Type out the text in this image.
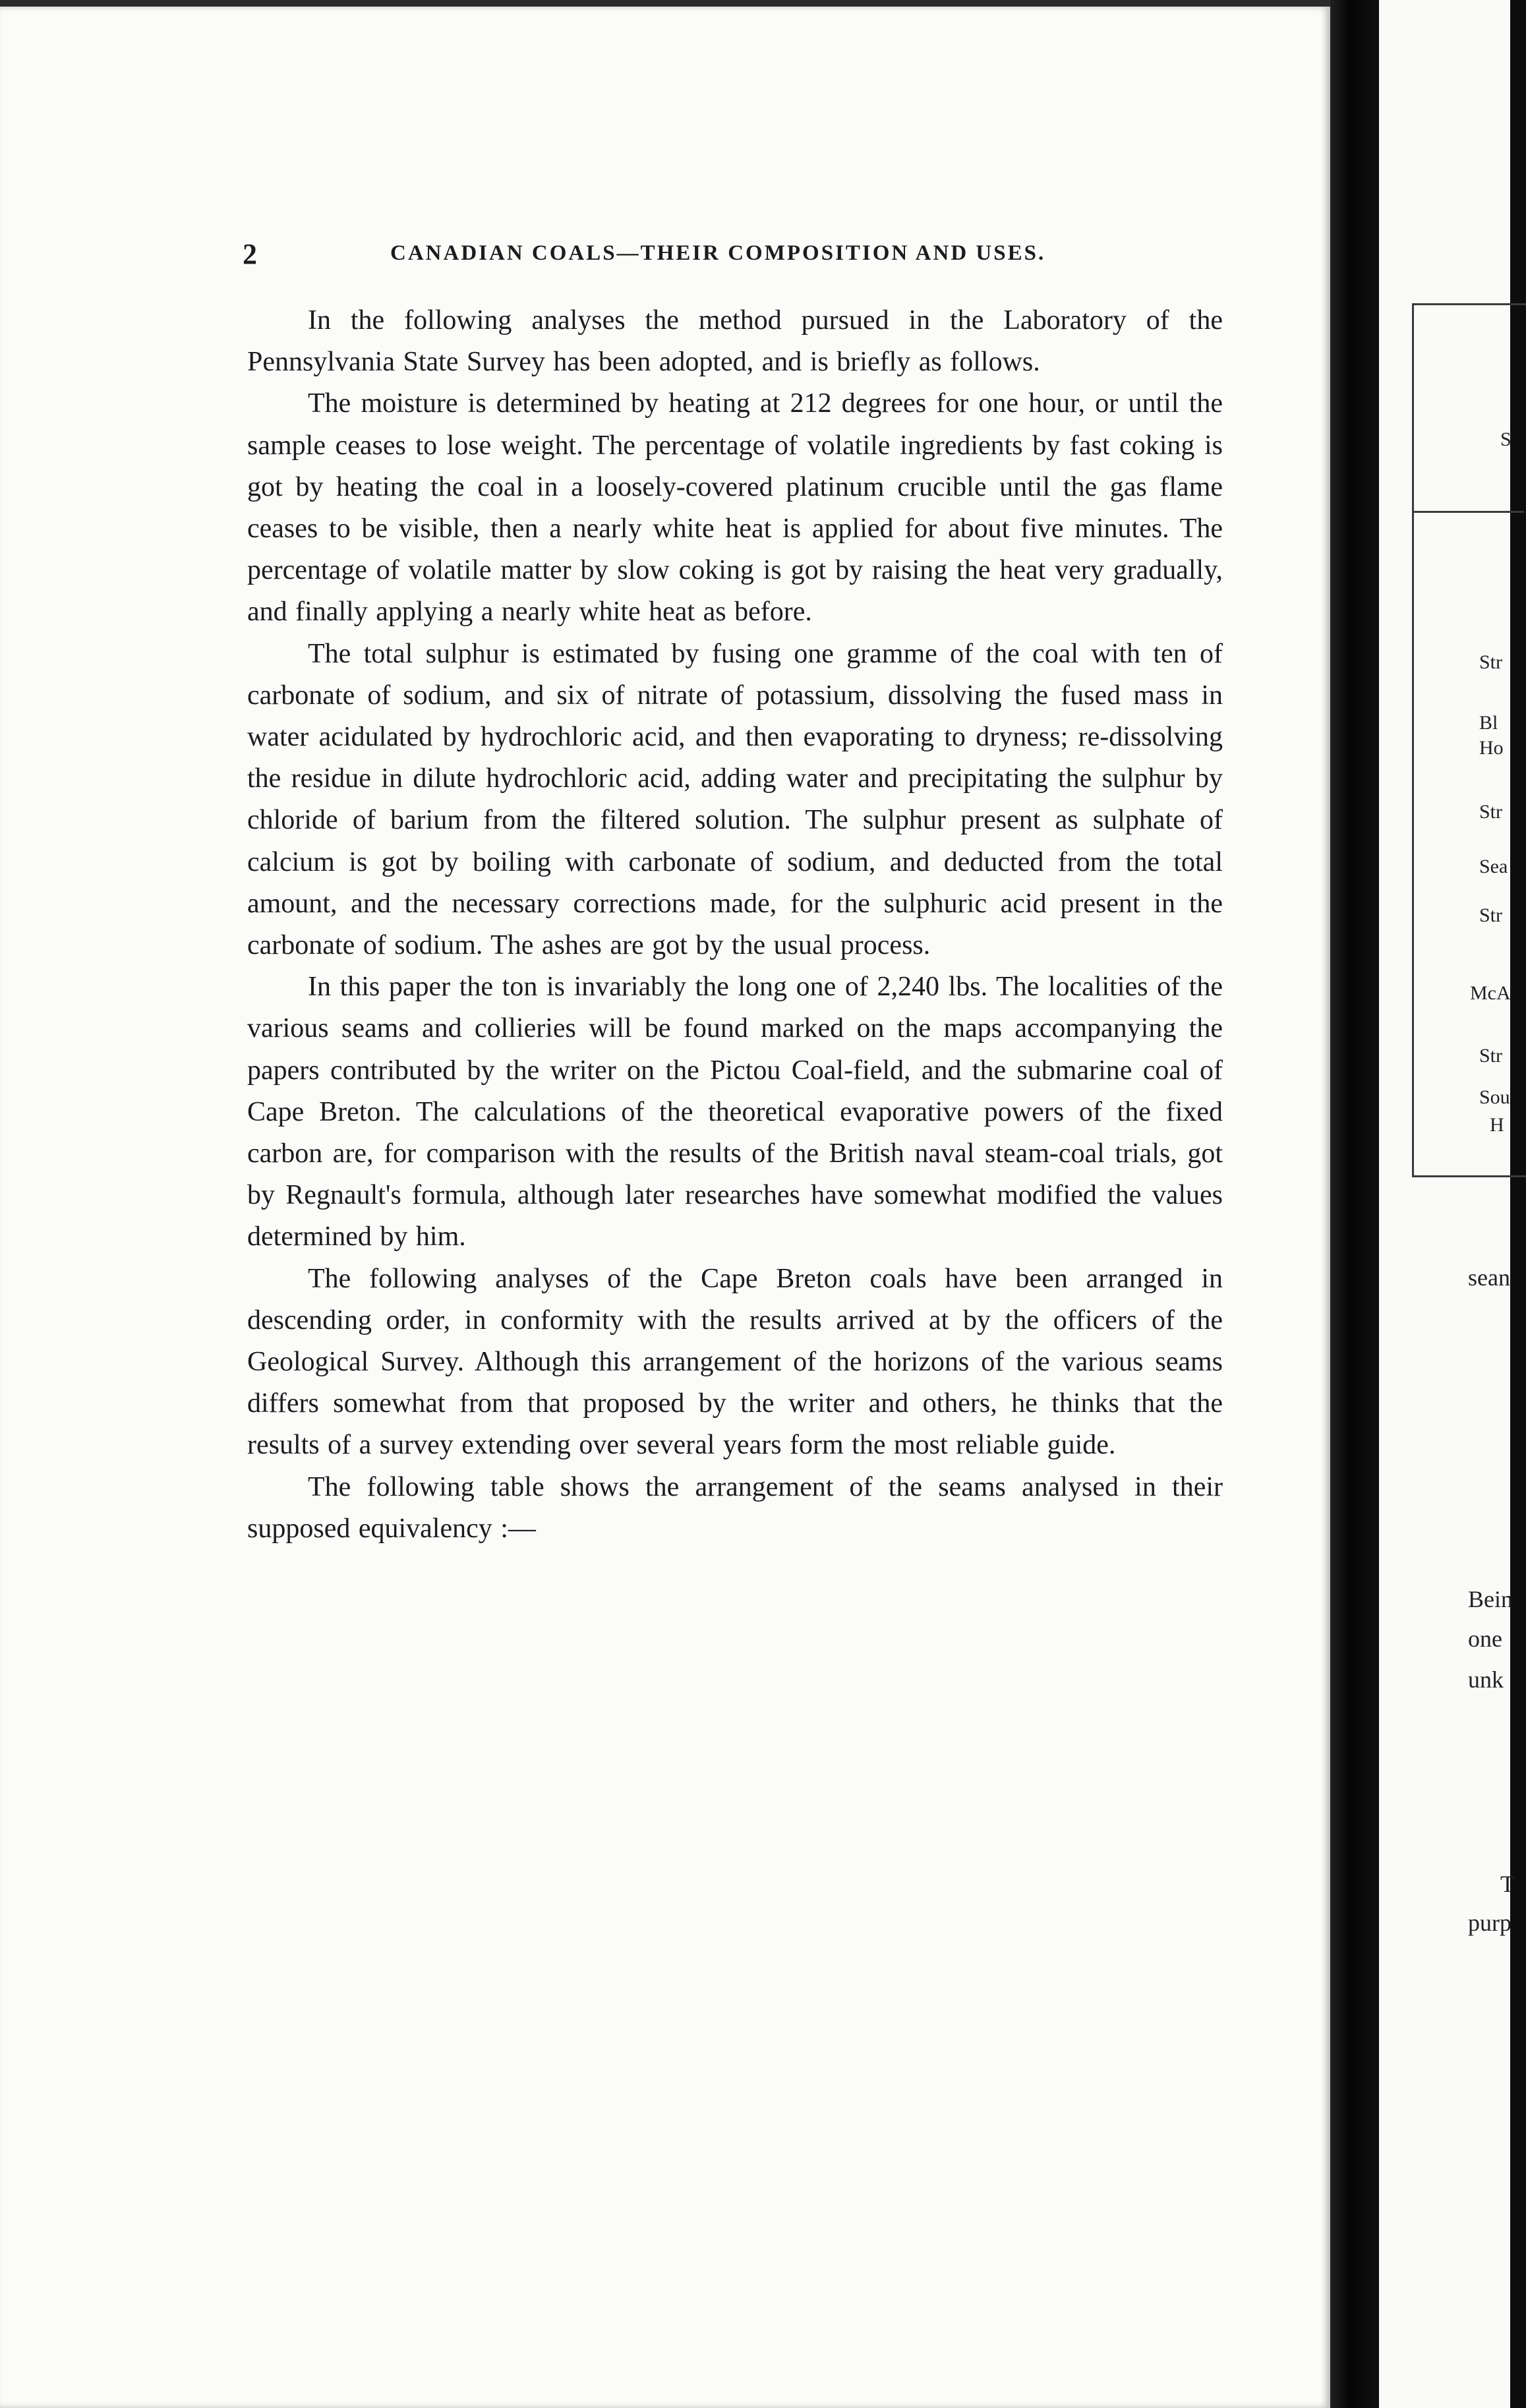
2	CANADIAN COALS—THEIR COMPOSITION AND USES.

In the following analyses the method pursued in the Laboratory of the Pennsylvania State Survey has been adopted, and is briefly as follows.

The moisture is determined by heating at 212 degrees for one hour, or until the sample ceases to lose weight. The percentage of volatile ingredients by fast coking is got by heating the coal in a loosely-covered platinum crucible until the gas flame ceases to be visible, then a nearly white heat is applied for about five minutes. The percentage of volatile matter by slow coking is got by raising the heat very gradually, and finally applying a nearly white heat as before.

The total sulphur is estimated by fusing one gramme of the coal with ten of carbonate of sodium, and six of nitrate of potassium, dissolving the fused mass in water acidulated by hydrochloric acid, and then evaporating to dryness; re-dissolving the residue in dilute hydrochloric acid, adding water and precipitating the sulphur by chloride of barium from the filtered solution. The sulphur present as sulphate of calcium is got by boiling with carbonate of sodium, and deducted from the total amount, and the necessary corrections made, for the sulphuric acid present in the carbonate of sodium. The ashes are got by the usual process.

In this paper the ton is invariably the long one of 2,240 lbs. The localities of the various seams and collieries will be found marked on the maps accompanying the papers contributed by the writer on the Pictou Coal-field, and the submarine coal of Cape Breton. The calculations of the theoretical evaporative powers of the fixed carbon are, for comparison with the results of the British naval steam-coal trials, got by Regnault's formula, although later researches have somewhat modified the values determined by him.

The following analyses of the Cape Breton coals have been arranged in descending order, in conformity with the results arrived at by the officers of the Geological Survey. Although this arrangement of the horizons of the various seams differs somewhat from that proposed by the writer and others, he thinks that the results of a survey extending over several years form the most reliable guide.

The following table shows the arrangement of the seams analysed in their supposed equivalency :—

S
Str
Bl
Ho
Str
Sea
Str
McA
Str
Sou
H
sean
Bein
one
unk
T
purp
